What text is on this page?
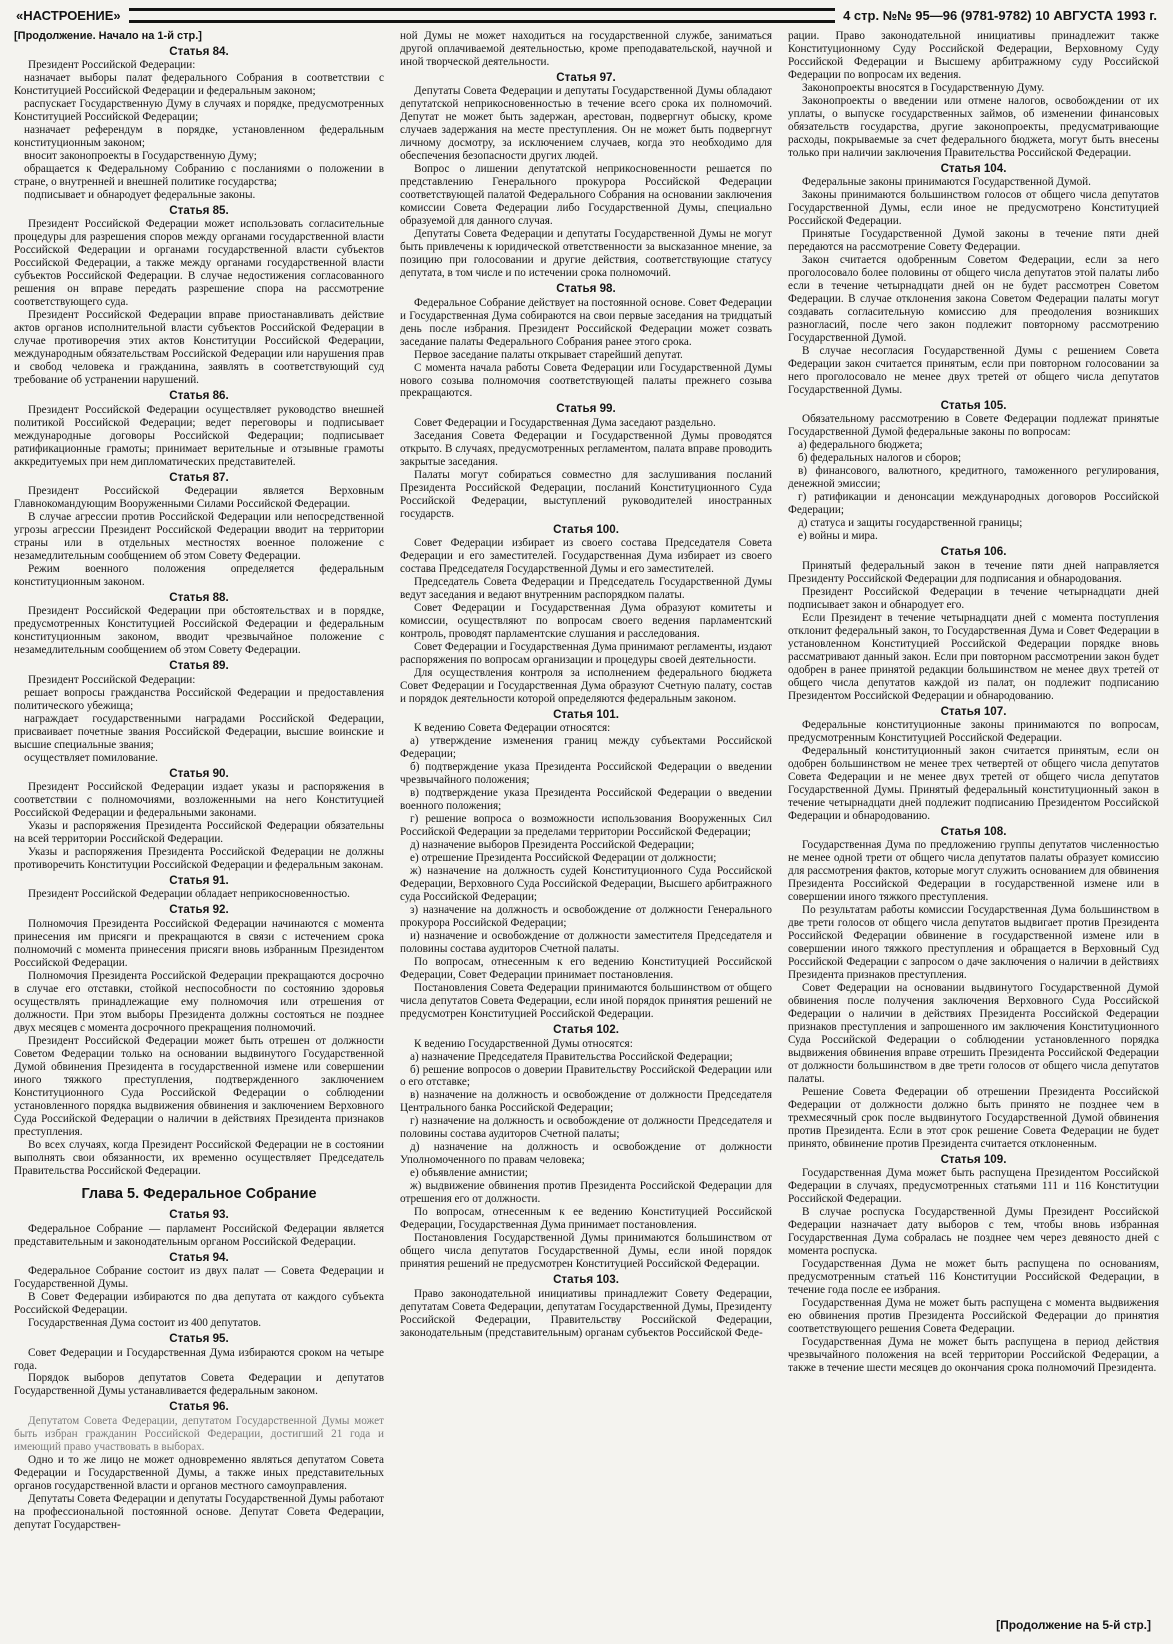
«НАСТРОЕНИЕ»	4 стр. №№ 95—96 (9781-9782) 10 АВГУСТА 1993 г.
[Продолжение. Начало на 1-й стр.]
Статья 84.

Президент Российской Федерации:

назначает выборы палат федерального Собрания в соответствии с Конституцией Российской Федерации и федеральным законом;

распускает Государственную Думу в случаях и порядке, предусмотренных Конституцией Российской Федерации;

назначает референдум в порядке, установленном федеральным конституционным законом;

вносит законопроекты в Государственную Думу;

обращается к Федеральному Собранию с посланиями о положении в стране, о внутренней и внешней политике государства;

подписывает и обнародует федеральные законы.

Статья 85.

Президент Российской Федерации может использовать согласительные процедуры для разрешения споров между органами государственной власти Российской Федерации и органами государственной власти субъектов Российской Федерации, а также между органами государственной власти субъектов Российской Федерации. В случае недостижения согласованного решения он вправе передать разрешение спора на рассмотрение соответствующего суда.

Президент Российской Федерации вправе приостанавливать действие актов органов исполнительной власти субъектов Российской Федерации в случае противоречия этих актов Конституции Российской Федерации, международным обязательствам Российской Федерации или нарушения прав и свобод человека и гражданина, заявлять в соответствующий суд требование об устранении нарушений.

Статья 86.

Президент Российской Федерации осуществляет руководство внешней политикой Российской Федерации; ведет переговоры и подписывает международные договоры Российской Федерации; подписывает ратификационные грамоты; принимает верительные и отзывные грамоты аккредитуемых при нем дипломатических представителей.

Статья 87.

Президент Российской Федерации является Верховным Главнокомандующим Вооруженными Силами Российской Федерации.

В случае агрессии против Российской Федерации или непосредственной угрозы агрессии Президент Российской Федерации вводит на территории страны или в отдельных местностях военное положение с незамедлительным сообщением об этом Совету Федерации.

Режим военного положения определяется федеральным конституционным законом.

Статья 88.

Президент Российской Федерации при обстоятельствах и в порядке, предусмотренных Конституцией Российской Федерации и федеральным конституционным законом, вводит чрезвычайное положение с незамедлительным сообщением об этом Совету Федерации.

Статья 89.

Президент Российской Федерации:

решает вопросы гражданства Российской Федерации и предоставления политического убежища;

награждает государственными наградами Российской Федерации, присваивает почетные звания Российской Федерации, высшие воинские и высшие специальные звания;

осуществляет помилование.

Статья 90.

Президент Российской Федерации издает указы и распоряжения в соответствии с полномочиями, возложенными на него Конституцией Российской Федерации и федеральными законами.

Указы и распоряжения Президента Российской Федерации обязательны на всей территории Российской Федерации.

Указы и распоряжения Президента Российской Федерации не должны противоречить Конституции Российской Федерации и федеральным законам.

Статья 91.

Президент Российской Федерации обладает неприкосновенностью.

Статья 92.

Полномочия Президента Российской Федерации начинаются с момента принесения им присяги и прекращаются в связи с истечением срока полномочий с момента принесения присяги вновь избранным Президентом Российской Федерации.

Полномочия Президента Российской Федерации прекращаются досрочно в случае его отставки, стойкой неспособности по состоянию здоровья осуществлять принадлежащие ему полномочия или отрешения от должности. При этом выборы Президента должны состояться не позднее двух месяцев с момента досрочного прекращения полномочий.

Президент Российской Федерации может быть отрешен от должности Советом Федерации только на основании выдвинутого Государственной Думой обвинения Президента в государственной измене или совершении иного тяжкого преступления, подтвержденного заключением Конституционного Суда Российской Федерации о соблюдении установленного порядка выдвижения обвинения и заключением Верховного Суда Российской Федерации о наличии в действиях Президента признаков преступления.

Во всех случаях, когда Президент Российской Федерации не в состоянии выполнять свои обязанности, их временно осуществляет Председатель Правительства Российской Федерации.

Глава 5. Федеральное Собрание
Статья 93.

Федеральное Собрание — парламент Российской Федерации является представительным и законодательным органом Российской Федерации.

Статья 94.

Федеральное Собрание состоит из двух палат — Совета Федерации и Государственной Думы.

В Совет Федерации избираются по два депутата от каждого субъекта Российской Федерации.

Государственная Дума состоит из 400 депутатов.

Статья 95.

Совет Федерации и Государственная Дума избираются сроком на четыре года.

Порядок выборов депутатов Совета Федерации и депутатов Государственной Думы устанавливается федеральным законом.

Статья 96.

Депутатом Совета Федерации, депутатом Государственной Думы может быть избран гражданин Российской Федерации, достигший 21 года и имеющий право участвовать в выборах.

Одно и то же лицо не может одновременно являться депутатом Совета Федерации и Государственной Думы, а также иных представительных органов государственной власти и органов местного самоуправления.

Депутаты Совета Федерации и депутаты Государственной Думы работают на профессиональной постоянной основе. Депутат Совета Федерации, депутат Государствен-

ной Думы не может находиться на государственной службе, заниматься другой оплачиваемой деятельностью, кроме преподавательской, научной и иной творческой деятельности.

Статья 97.

Депутаты Совета Федерации и депутаты Государственной Думы обладают депутатской неприкосновенностью в течение всего срока их полномочий. Депутат не может быть задержан, арестован, подвергнут обыску, кроме случаев задержания на месте преступления. Он не может быть подвергнут личному досмотру, за исключением случаев, когда это необходимо для обеспечения безопасности других людей.

Вопрос о лишении депутатской неприкосновенности решается по представлению Генерального прокурора Российской Федерации соответствующей палатой Федерального Собрания на основании заключения комиссии Совета Федерации либо Государственной Думы, специально образуемой для данного случая.

Депутаты Совета Федерации и депутаты Государственной Думы не могут быть привлечены к юридической ответственности за высказанное мнение, за позицию при голосовании и другие действия, соответствующие статусу депутата, в том числе и по истечении срока полномочий.

Статья 98.

Федеральное Собрание действует на постоянной основе. Совет Федерации и Государственная Дума собираются на свои первые заседания на тридцатый день после избрания. Президент Российской Федерации может созвать заседание палаты Федерального Собрания ранее этого срока.

Первое заседание палаты открывает старейший депутат.

С момента начала работы Совета Федерации или Государственной Думы нового созыва полномочия соответствующей палаты прежнего созыва прекращаются.

Статья 99.

Совет Федерации и Государственная Дума заседают раздельно.

Заседания Совета Федерации и Государственной Думы проводятся открыто. В случаях, предусмотренных регламентом, палата вправе проводить закрытые заседания.

Палаты могут собираться совместно для заслушивания посланий Президента Российской Федерации, посланий Конституционного Суда Российской Федерации, выступлений руководителей иностранных государств.

Статья 100.

Совет Федерации избирает из своего состава Председателя Совета Федерации и его заместителей. Государственная Дума избирает из своего состава Председателя Государственной Думы и его заместителей.

Председатель Совета Федерации и Председатель Государственной Думы ведут заседания и ведают внутренним распорядком палаты.

Совет Федерации и Государственная Дума образуют комитеты и комиссии, осуществляют по вопросам своего ведения парламентский контроль, проводят парламентские слушания и расследования.

Совет Федерации и Государственная Дума принимают регламенты, издают распоряжения по вопросам организации и процедуры своей деятельности.

Для осуществления контроля за исполнением федерального бюджета Совет Федерации и Государственная Дума образуют Счетную палату, состав и порядок деятельности которой определяются федеральным законом.

Статья 101.

К ведению Совета Федерации относятся:

а) утверждение изменения границ между субъектами Российской Федерации;

б) подтверждение указа Президента Российской Федерации о введении чрезвычайного положения;

в) подтверждение указа Президента Российской Федерации о введении военного положения;

г) решение вопроса о возможности использования Вооруженных Сил Российской Федерации за пределами территории Российской Федерации;

д) назначение выборов Президента Российской Федерации;

е) отрешение Президента Российской Федерации от должности;

ж) назначение на должность судей Конституционного Суда Российской Федерации, Верховного Суда Российской Федерации, Высшего арбитражного суда Российской Федерации;

з) назначение на должность и освобождение от должности Генерального прокурора Российской Федерации;

и) назначение и освобождение от должности заместителя Председателя и половины состава аудиторов Счетной палаты.

По вопросам, отнесенным к его ведению Конституцией Российской Федерации, Совет Федерации принимает постановления.

Постановления Совета Федерации принимаются большинством от общего числа депутатов Совета Федерации, если иной порядок принятия решений не предусмотрен Конституцией Российской Федерации.

Статья 102.

К ведению Государственной Думы относятся:

а) назначение Председателя Правительства Российской Федерации;

б) решение вопросов о доверии Правительству Российской Федерации или о его отставке;

в) назначение на должность и освобождение от должности Председателя Центрального банка Российской Федерации;

г) назначение на должность и освобождение от должности Председателя и половины состава аудиторов Счетной палаты;

д) назначение на должность и освобождение от должности Уполномоченного по правам человека;

е) объявление амнистии;

ж) выдвижение обвинения против Президента Российской Федерации для отрешения его от должности.

По вопросам, отнесенным к ее ведению Конституцией Российской Федерации, Государственная Дума принимает постановления.

Постановления Государственной Думы принимаются большинством от общего числа депутатов Государственной Думы, если иной порядок принятия решений не предусмотрен Конституцией Российской Федерации.

Статья 103.

Право законодательной инициативы принадлежит Совету Федерации, депутатам Совета Федерации, депутатам Государственной Думы, Президенту Российской Федерации, Правительству Российской Федерации, законодательным (представительным) органам субъектов Российской Феде-

рации. Право законодательной инициативы принадлежит также Конституционному Суду Российской Федерации, Верховному Суду Российской Федерации и Высшему арбитражному суду Российской Федерации по вопросам их ведения.

Законопроекты вносятся в Государственную Думу.

Законопроекты о введении или отмене налогов, освобождении от их уплаты, о выпуске государственных займов, об изменении финансовых обязательств государства, другие законопроекты, предусматривающие расходы, покрываемые за счет федерального бюджета, могут быть внесены только при наличии заключения Правительства Российской Федерации.

Статья 104.

Федеральные законы принимаются Государственной Думой.

Законы принимаются большинством голосов от общего числа депутатов Государственной Думы, если иное не предусмотрено Конституцией Российской Федерации.

Принятые Государственной Думой законы в течение пяти дней передаются на рассмотрение Совету Федерации.

Закон считается одобренным Советом Федерации, если за него проголосовало более половины от общего числа депутатов этой палаты либо если в течение четырнадцати дней он не будет рассмотрен Советом Федерации. В случае отклонения закона Советом Федерации палаты могут создавать согласительную комиссию для преодоления возникших разногласий, после чего закон подлежит повторному рассмотрению Государственной Думой.

В случае несогласия Государственной Думы с решением Совета Федерации закон считается принятым, если при повторном голосовании за него проголосовало не менее двух третей от общего числа депутатов Государственной Думы.

Статья 105.

Обязательному рассмотрению в Совете Федерации подлежат принятые Государственной Думой федеральные законы по вопросам:

а) федерального бюджета;

б) федеральных налогов и сборов;

в) финансового, валютного, кредитного, таможенного регулирования, денежной эмиссии;

г) ратификации и денонсации международных договоров Российской Федерации;

д) статуса и защиты государственной границы;

е) войны и мира.

Статья 106.

Принятый федеральный закон в течение пяти дней направляется Президенту Российской Федерации для подписания и обнародования.

Президент Российской Федерации в течение четырнадцати дней подписывает закон и обнародует его.

Если Президент в течение четырнадцати дней с момента поступления отклонит федеральный закон, то Государственная Дума и Совет Федерации в установленном Конституцией Российской Федерации порядке вновь рассматривают данный закон. Если при повторном рассмотрении закон будет одобрен в ранее принятой редакции большинством не менее двух третей от общего числа депутатов каждой из палат, он подлежит подписанию Президентом Российской Федерации и обнародованию.

Статья 107.

Федеральные конституционные законы принимаются по вопросам, предусмотренным Конституцией Российской Федерации.

Федеральный конституционный закон считается принятым, если он одобрен большинством не менее трех четвертей от общего числа депутатов Совета Федерации и не менее двух третей от общего числа депутатов Государственной Думы. Принятый федеральный конституционный закон в течение четырнадцати дней подлежит подписанию Президентом Российской Федерации и обнародованию.

Статья 108.

Государственная Дума по предложению группы депутатов численностью не менее одной трети от общего числа депутатов палаты образует комиссию для рассмотрения фактов, которые могут служить основанием для обвинения Президента Российской Федерации в государственной измене или в совершении иного тяжкого преступления.

По результатам работы комиссии Государственная Дума большинством в две трети голосов от общего числа депутатов выдвигает против Президента Российской Федерации обвинение в государственной измене или в совершении иного тяжкого преступления и обращается в Верховный Суд Российской Федерации с запросом о даче заключения о наличии в действиях Президента признаков преступления.

Совет Федерации на основании выдвинутого Государственной Думой обвинения после получения заключения Верховного Суда Российской Федерации о наличии в действиях Президента Российской Федерации признаков преступления и запрошенного им заключения Конституционного Суда Российской Федерации о соблюдении установленного порядка выдвижения обвинения вправе отрешить Президента Российской Федерации от должности большинством в две трети голосов от общего числа депутатов палаты.

Решение Совета Федерации об отрешении Президента Российской Федерации от должности должно быть принято не позднее чем в трехмесячный срок после выдвинутого Государственной Думой обвинения против Президента. Если в этот срок решение Совета Федерации не будет принято, обвинение против Президента считается отклоненным.

Статья 109.

Государственная Дума может быть распущена Президентом Российской Федерации в случаях, предусмотренных статьями 111 и 116 Конституции Российской Федерации.

В случае роспуска Государственной Думы Президент Российской Федерации назначает дату выборов с тем, чтобы вновь избранная Государственная Дума собралась не позднее чем через девяносто дней с момента роспуска.

Государственная Дума не может быть распущена по основаниям, предусмотренным статьей 116 Конституции Российской Федерации, в течение года после ее избрания.

Государственная Дума не может быть распущена с момента выдвижения ею обвинения против Президента Российской Федерации до принятия соответствующего решения Совета Федерации.

Государственная Дума не может быть распущена в период действия чрезвычайного положения на всей территории Российской Федерации, а также в течение шести месяцев до окончания срока полномочий Президента.

[Продолжение на 5-й стр.]
